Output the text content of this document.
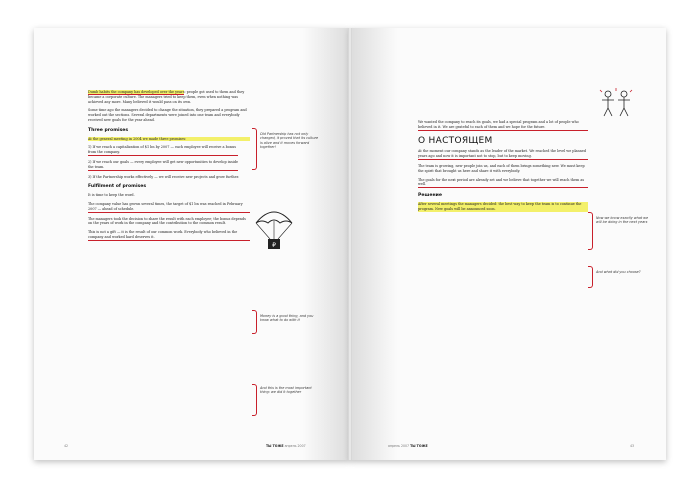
Dumb habits the company has developed over the years: people got used to them and they became a corporate culture. The managers tried to keep them, even when nothing was achieved any more. Many believed it would pass on its own.

Some time ago the managers decided to change the situation, they prepared a program and worked out the sections. Several departments were joined into one team and everybody received new goals for the year ahead.

Three promises

At the general meeting in 2004 we made three promises:

1) If we reach a capitalization of $1 bn by 2007 — each employee will receive a bonus from the company.

2) If we reach our goals — every employee will get new opportunities to develop inside the team.

3) If the Partnership works effectively — we will receive new projects and grow further.

Fulfilment of promises

It is time to keep the word.

The company value has grown several times, the target of $1 bn was reached in February 2007 — ahead of schedule.

The managers took the decision to share the result with each employee; the bonus depends on the years of work in the company and the contribution to the common result.

This is not a gift — it is the result of our common work. Everybody who believed in the company and worked hard deserves it.

Old Partnership has not only changed, it proved that its culture is alive and it moves forward together!
₽
Money is a good thing, and you know what to do with it
And this is the most important thing: we did it together
42	ТЫ ТОЖЕ апрель 2007

We wanted the company to reach its goals, we had a special program and a lot of people who believed in it. We are grateful to each of them and we hope for the future.

О НАСТОЯЩЕМ

At the moment our company stands as the leader of the market. We reached the level we planned years ago and now it is important not to stop, but to keep moving.

The team is growing, new people join us, and each of them brings something new. We must keep the spirit that brought us here and share it with everybody.

The goals for the next period are already set and we believe that together we will reach them as well.

Решение

After several meetings the managers decided: the best way to keep the team is to continue the program. New goals will be announced soon.

Now we know exactly what we will be doing in the next years
And what did you choose?
апрель 2007 ТЫ ТОЖЕ	43
